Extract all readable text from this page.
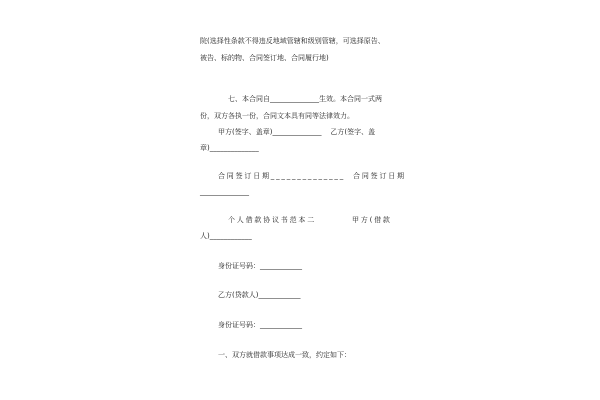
院(选择性条款不得违反地域管辖和级别管辖，可选择原告、
被告、标的物、合同签订地、合同履行地)
七、本合同自______________生效。本合同一式两
份，双方各执一份，合同文本具有同等法律效力。
甲方(签字、盖章)______________    乙方(签字、盖
章)______________
合同签订日期______________  合同签订日期
______________
个人借款协议书范本二	甲方(借款
人)____________
身份证号码：____________
乙方(贷款人)____________
身份证号码：____________
一、双方就借款事项达成一致，约定如下：
